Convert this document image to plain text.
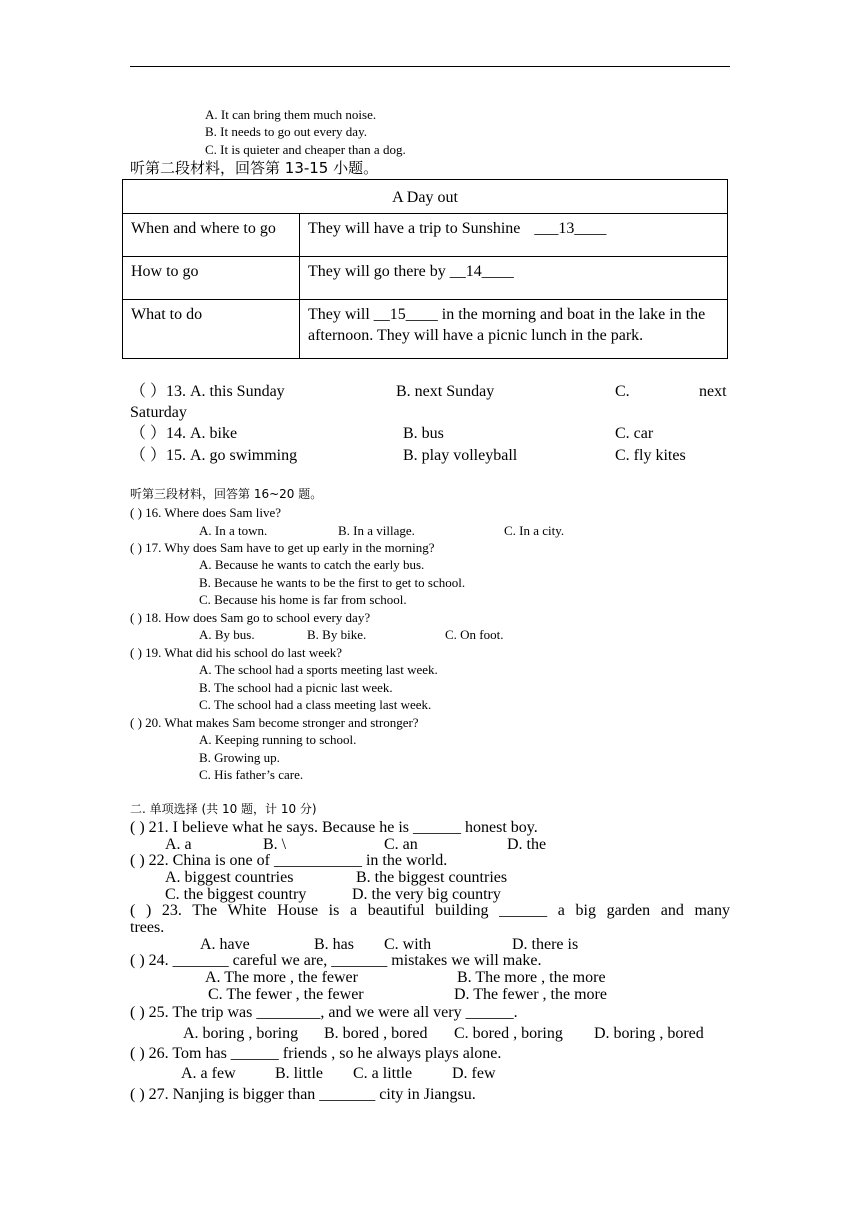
A. It can bring them much noise.
B. It needs to go out every day.
C. It is quieter and cheaper than a dog.
听第二段材料，回答第 13-15 小题。
A Day out	
When and where to go	They will have a trip to Sunshine ___13____
How to go	They will go there by __14____
What to do	They will __15____ in the morning and boat in the lake in the afternoon. They will have a picnic lunch in the park.
（ ）13. A. this Sunday	B. next Sunday	C.	next
Saturday
（ ）14. A. bike	B. bus	C. car
（ ）15. A. go swimming	B. play volleyball	C. fly kites
听第三段材料，回答第 16~20 题。
( ) 16. Where does Sam live?
A. In a town.	B. In a village.	C. In a city.
( ) 17. Why does Sam have to get up early in the morning?
A. Because he wants to catch the early bus.
B. Because he wants to be the first to get to school.
C. Because his home is far from school.
( ) 18. How does Sam go to school every day?
A. By bus.	B. By bike.	C. On foot.
( ) 19. What did his school do last week?
A. The school had a sports meeting last week.
B. The school had a picnic last week.
C. The school had a class meeting last week.
( ) 20. What makes Sam become stronger and stronger?
A. Keeping running to school.
B. Growing up.
C. His father’s care.
二. 单项选择 (共 10 题，计 10 分)
( ) 21. I believe what he says. Because he is ______ honest boy.
A. a	B. \	C. an	D. the
( ) 22. China is one of ___________ in the world.
A. biggest countries	B. the biggest countries
C. the biggest country	D. the very big country
( ) 23. The White House is a beautiful building ______ a big garden and many
trees.
A. have	B. has C. with	D. there is
( ) 24. _______ careful we are, _______ mistakes we will make.
A. The more , the fewer	B. The more , the more
C. The fewer , the fewer	D. The fewer , the more
( ) 25. The trip was ________, and we were all very ______.
A. boring , boring B. bored , bored C. bored , boring D. boring , bored
( ) 26. Tom has ______ friends , so he always plays alone.
A. a few B. little C. a little D. few
( ) 27. Nanjing is bigger than _______ city in Jiangsu.
